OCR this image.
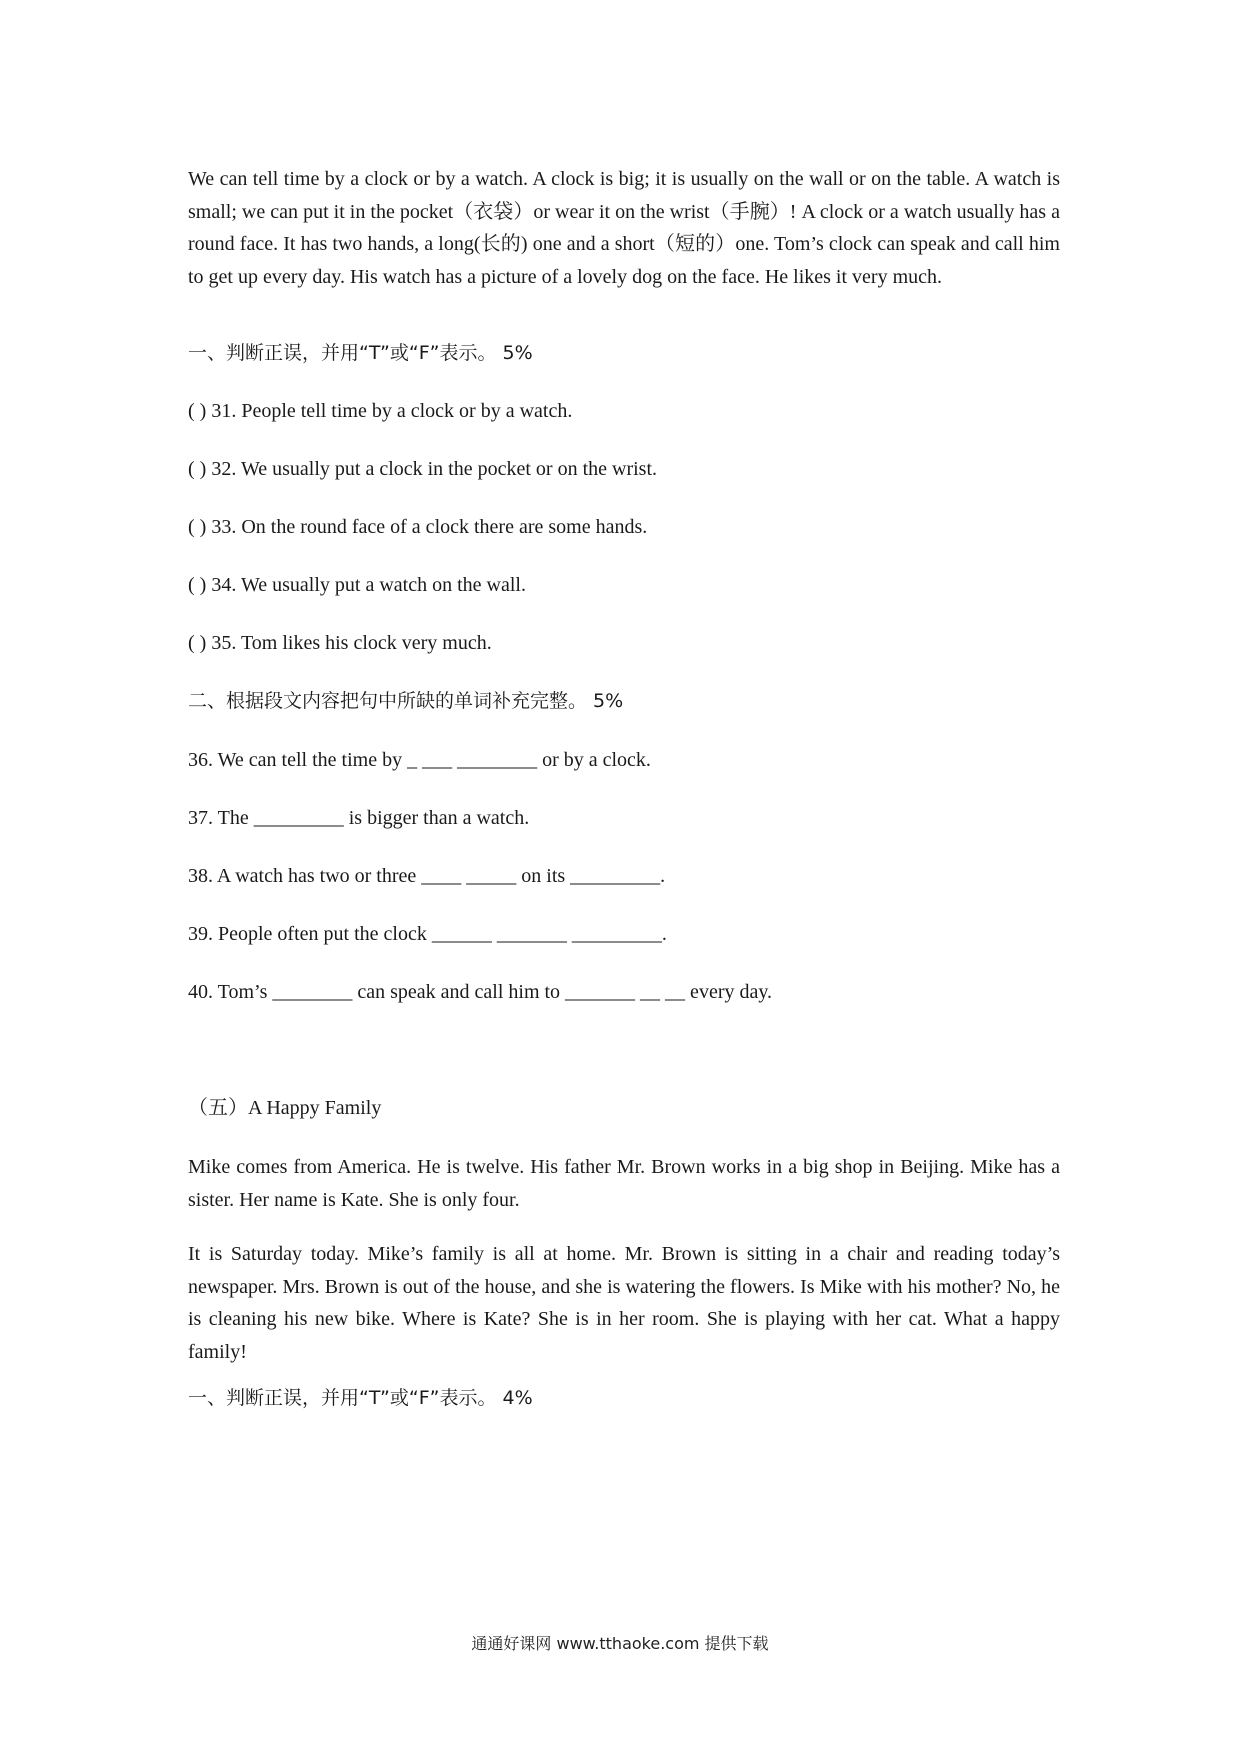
We can tell time by a clock or by a watch. A clock is big; it is usually on the wall or on the table. A watch is small; we can put it in the pocket（衣袋）or wear it on the wrist（手腕）! A clock or a watch usually has a round face. It has two hands, a long(长的) one and a short（短的）one. Tom’s clock can speak and call him to get up every day. His watch has a picture of a lovely dog on the face. He likes it very much.

一、判断正误，并用“T”或“F”表示。 5%

( ) 31. People tell time by a clock or by a watch.

( ) 32. We usually put a clock in the pocket or on the wrist.

( ) 33. On the round face of a clock there are some hands.

( ) 34. We usually put a watch on the wall.

( ) 35. Tom likes his clock very much.

二、根据段文内容把句中所缺的单词补充完整。 5%

36. We can tell the time by _ ___ ________ or by a clock.

37. The _________ is bigger than a watch.

38. A watch has two or three ____ _____ on its _________.

39. People often put the clock ______ _______ _________.

40. Tom’s ________ can speak and call him to _______ __ __ every day.

（五）A Happy Family

Mike comes from America. He is twelve. His father Mr. Brown works in a big shop in Beijing. Mike has a sister. Her name is Kate. She is only four.

It is Saturday today. Mike’s family is all at home. Mr. Brown is sitting in a chair and reading today’s newspaper. Mrs. Brown is out of the house, and she is watering the flowers. Is Mike with his mother? No, he is cleaning his new bike. Where is Kate? She is in her room. She is playing with her cat. What a happy family!

一、判断正误，并用“T”或“F”表示。 4%

通通好课网 www.tthaoke.com 提供下载
